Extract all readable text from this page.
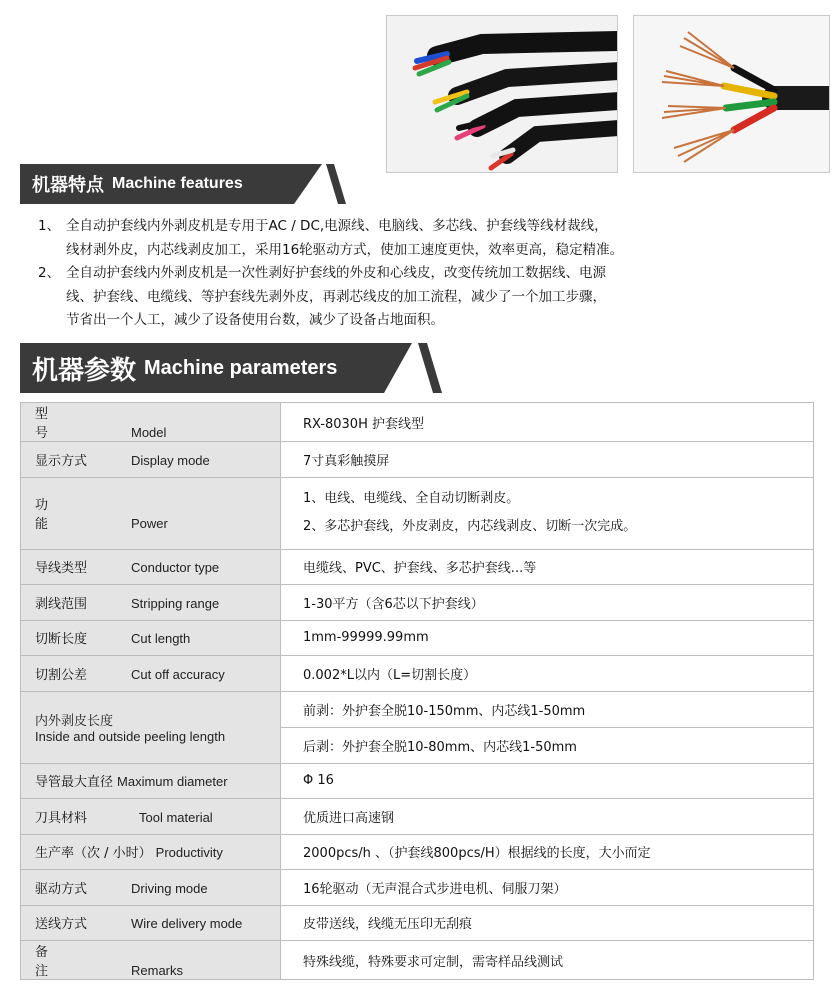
机器特点 Machine features
1、 全自动护套线内外剥皮机是专用于AC / DC,电源线、电脑线、多芯线、护套线等线材裁线，
线材剥外皮，内芯线剥皮加工，采用16轮驱动方式，使加工速度更快，效率更高，稳定精准。
2、 全自动护套线内外剥皮机是一次性剥好护套线的外皮和心线皮，改变传统加工数据线、电源
线、护套线、电缆线、等护套线先剥外皮，再剥芯线皮的加工流程，减少了一个加工步骤，
节省出一个人工，减少了设备使用台数，减少了设备占地面积。
机器参数 Machine parameters
型 号 Model	RX-8030H 护套线型
显示方式 Display mode	7寸真彩触摸屏
功 能 Power	1、电线、电缆线、全自动切断剥皮。
2、多芯护套线，外皮剥皮，内芯线剥皮、切断一次完成。

导线类型 Conductor type	电缆线、PVC、护套线、多芯护套线...等
剥线范围 Stripping range	1-30平方（含6芯以下护套线）
切断长度 Cut length	1mm-99999.99mm
切割公差 Cut off accuracy	0.002*L以内（L=切割长度）

内外剥皮长度
Inside and outside peeling length	前剥：外护套全脱10-150mm、内芯线1-50mm
	后剥：外护套全脱10-80mm、内芯线1-50mm
导管最大直径 Maximum diameter	Φ 16
刀具材料 Tool material	优质进口高速钢
生产率（次 / 小时） Productivity	2000pcs/h 、（护套线800pcs/H）根据线的长度，大小而定
驱动方式 Driving mode	16轮驱动（无声混合式步进电机、伺服刀架）
送线方式 Wire delivery mode	皮带送线，线缆无压印无刮痕
备 注 Remarks	特殊线缆，特殊要求可定制，需寄样品线测试
